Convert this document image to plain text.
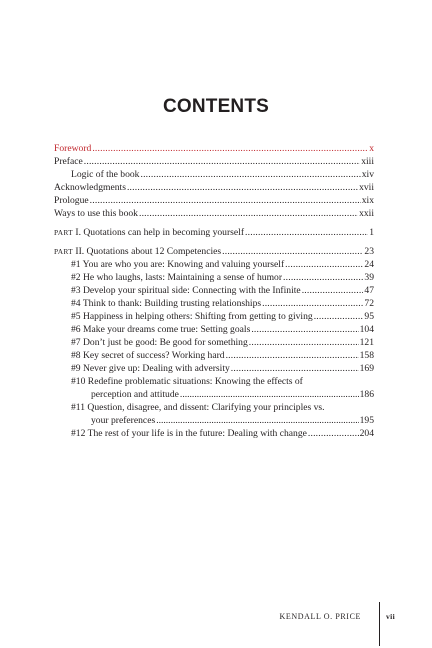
CONTENTS
Foreword .....	x
Preface .....	xiii
Logic of the book .....	xiv
Acknowledgments .....	xvii
Prologue .....	xix
Ways to use this book .....	xxii
PART I. Quotations can help in becoming yourself .....	1
PART II. Quotations about 12 Competencies .....	23
#1 You are who you are: Knowing and valuing yourself .....	24
#2 He who laughs, lasts: Maintaining a sense of humor .....	39
#3 Develop your spiritual side: Connecting with the Infinite .....	47
#4 Think to thank: Building trusting relationships .....	72
#5 Happiness in helping others: Shifting from getting to giving .....	95
#6 Make your dreams come true: Setting goals .....	104
#7 Don’t just be good: Be good for something .....	121
#8 Key secret of success? Working hard .....	158
#9 Never give up: Dealing with adversity .....	169
#10 Redefine problematic situations: Knowing the effects of
perception and attitude .....	186
#11 Question, disagree, and dissent: Clarifying your principles vs.
your preferences .....	195
#12 The rest of your life is in the future: Dealing with change .....	204
KENDALL O. PRICE	vii
